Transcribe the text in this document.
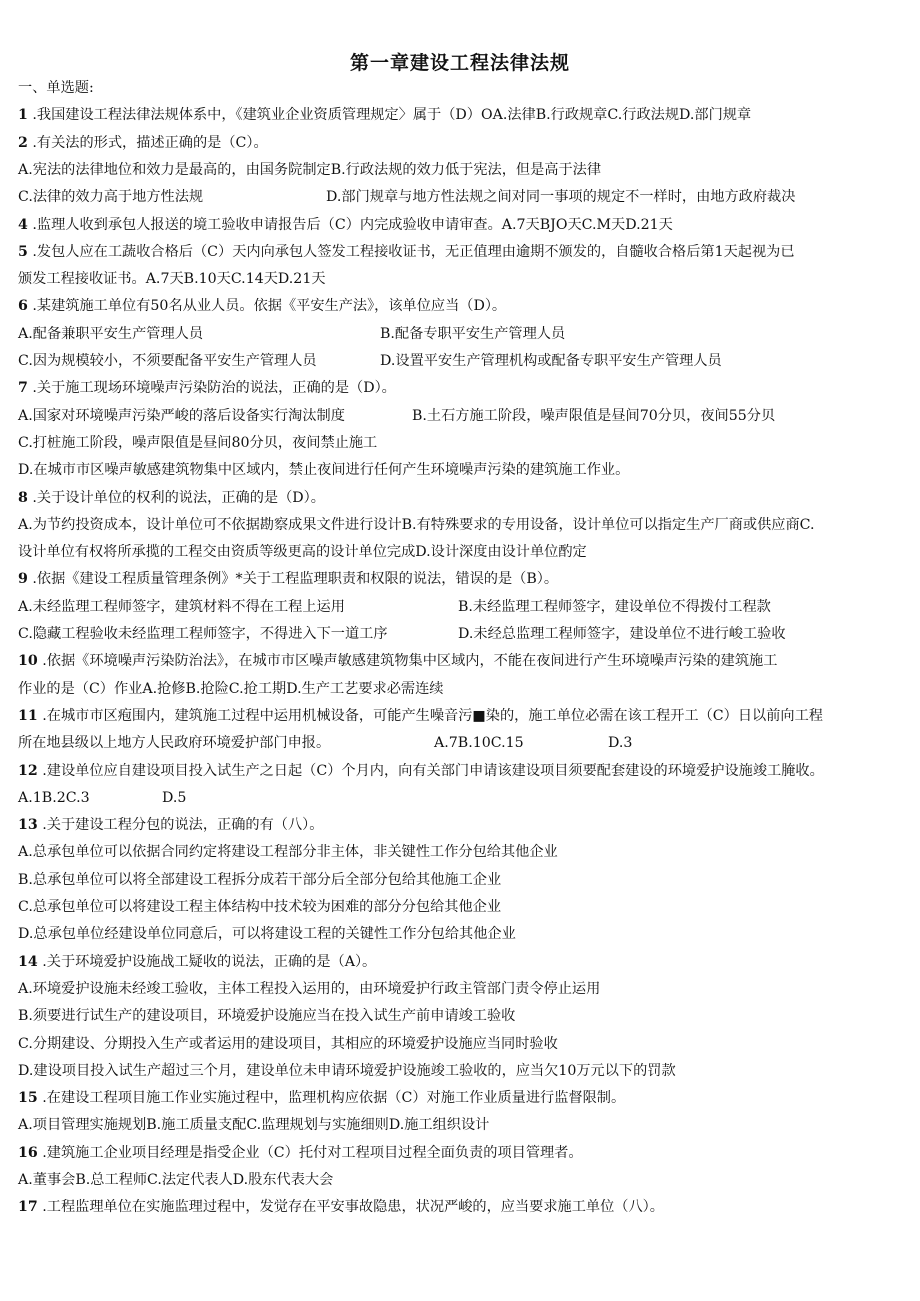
第一章建设工程法律法规
一、单选题:
1 .我国建设工程法律法规体系中，《建筑业企业资质管理规定〉属于（D）OA.法律B.行政规章C.行政法规D.部门规章
2 .有关法的形式，描述正确的是（C）。
A.宪法的法律地位和效力是最高的，由国务院制定B.行政法规的效力低于宪法，但是高于法律
C.法律的效力高于地方性法规	D.部门规章与地方性法规之间对同一事项的规定不一样时，由地方政府裁决
4 .监理人收到承包人报送的境工验收申请报告后（C）内完成验收申请审查。A.7天BJO天C.M天D.21天
5 .发包人应在工蔬收合格后（C）天内向承包人签发工程接收证书，无正值理由逾期不颁发的，自髓收合格后第1天起视为已
颁发工程接收证书。A.7天B.10天C.14天D.21天
6 .某建筑施工单位有50名从业人员。依据《平安生产法》，该单位应当（D）。
A.配备兼职平安生产管理人员	B.配备专职平安生产管理人员
C.因为规模较小，不须要配备平安生产管理人员	D.设置平安生产管理机构或配备专职平安生产管理人员
7 .关于施工现场环境噪声污染防治的说法，正确的是（D）。
A.国家对环境噪声污染严峻的落后设备实行淘汰制度	B.土石方施工阶段，噪声限值是昼间70分贝，夜间55分贝
C.打桩施工阶段，噪声限值是昼间80分贝，夜间禁止施工
D.在城市市区噪声敏感建筑物集中区域内，禁止夜间进行任何产生环境噪声污染的建筑施工作业。
8 .关于设计单位的权利的说法，正确的是（D）。
A.为节约投资成本，设计单位可不依据勘察成果文件进行设计B.有特殊要求的专用设备，设计单位可以指定生产厂商或供应商C.
设计单位有权将所承揽的工程交由资质等级更高的设计单位完成D.设计深度由设计单位酌定
9 .依据《建设工程质量管理条例》*关于工程监理职责和权限的说法，错误的是（B）。
A.未经监理工程师签字，建筑材料不得在工程上运用	B.未经监理工程师签字，建设单位不得拨付工程款
C.隐藏工程验收未经监理工程师签字，不得进入下一道工序	D.未经总监理工程师签字，建设单位不进行峻工验收
10 .依据《环境噪声污染防治法》，在城市市区噪声敏感建筑物集中区域内，不能在夜间进行产生环境噪声污染的建筑施工
作业的是（C）作业A.抢修B.抢险C.抢工期D.生产工艺要求必需连续
11 .在城市市区疱围内，建筑施工过程中运用机械设备，可能产生噪音污■染的，施工单位必需在该工程开工（C）日以前向工程
所在地县级以上地方人民政府环境爱护部门申报。	A.7B.10C.15	D.3
12 .建设单位应自建设项目投入试生产之日起（C）个月内，向有关部门申请该建设项目须要配套建设的环境爱护设施竣工腌收。
A.1B.2C.3	D.5
13 .关于建设工程分包的说法，正确的有（八）。
A.总承包单位可以依据合同约定将建设工程部分非主体，非关键性工作分包给其他企业
B.总承包单位可以将全部建设工程拆分成若干部分后全部分包给其他施工企业
C.总承包单位可以将建设工程主体结构中技术较为困难的部分分包给其他企业
D.总承包单位经建设单位同意后，可以将建设工程的关键性工作分包给其他企业
14 .关于环境爱护设施战工疑收的说法，正确的是（A）。
A.环境爱护设施未经竣工验收，主体工程投入运用的，由环境爱护行政主管部门责令停止运用
B.须要进行试生产的建设项目，环境爱护设施应当在投入试生产前申请竣工验收
C.分期建设、分期投入生产或者运用的建设项目，其相应的环境爱护设施应当同时验收
D.建设项目投入试生产超过三个月，建设单位未申请环境爱护设施竣工验收的，应当欠10万元以下的罚款
15 .在建设工程项目施工作业实施过程中，监理机构应依据（C）对施工作业质量进行监督限制。
A.项目管理实施规划B.施工质量支配C.监理规划与实施细则D.施工组织设计
16 .建筑施工企业项目经理是指受企业（C）托付对工程项目过程全面负责的项目管理者。
A.董事会B.总工程师C.法定代表人D.股东代表大会
17 .工程监理单位在实施监理过程中，发觉存在平安事故隐患，状况严峻的，应当要求施工单位（八）。
